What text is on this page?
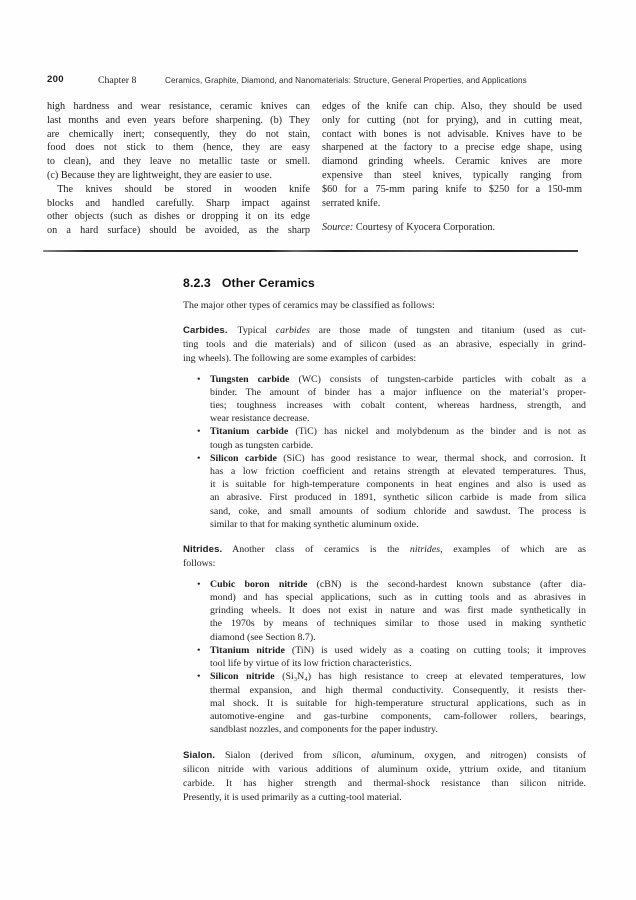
200	Chapter 8	Ceramics, Graphite, Diamond, and Nanomaterials: Structure, General Properties, and Applications
high hardness and wear resistance, ceramic knives can
last months and even years before sharpening. (b) They
are chemically inert; consequently, they do not stain,
food does not stick to them (hence, they are easy
to clean), and they leave no metallic taste or smell.
(c) Because they are lightweight, they are easier to use.
 The knives should be stored in wooden knife
blocks and handled carefully. Sharp impact against
other objects (such as dishes or dropping it on its edge
on a hard surface) should be avoided, as the sharp
edges of the knife can chip. Also, they should be used
only for cutting (not for prying), and in cutting meat,
contact with bones is not advisable. Knives have to be
sharpened at the factory to a precise edge shape, using
diamond grinding wheels. Ceramic knives are more
expensive than steel knives, typically ranging from
$60 for a 75-mm paring knife to $250 for a 150-mm
serrated knife.
Source: Courtesy of Kyocera Corporation.
8.2.3 Other Ceramics
The major other types of ceramics may be classified as follows:
Carbides. Typical carbides are those made of tungsten and titanium (used as cut-
ting tools and die materials) and of silicon (used as an abrasive, especially in grind-
ing wheels). The following are some examples of carbides:
• Tungsten carbide (WC) consists of tungsten-carbide particles with cobalt as a
binder. The amount of binder has a major influence on the material’s proper-
ties; toughness increases with cobalt content, whereas hardness, strength, and
wear resistance decrease.
• Titanium carbide (TiC) has nickel and molybdenum as the binder and is not as
tough as tungsten carbide.
• Silicon carbide (SiC) has good resistance to wear, thermal shock, and corrosion. It
has a low friction coefficient and retains strength at elevated temperatures. Thus,
it is suitable for high-temperature components in heat engines and also is used as
an abrasive. First produced in 1891, synthetic silicon carbide is made from silica
sand, coke, and small amounts of sodium chloride and sawdust. The process is
similar to that for making synthetic aluminum oxide.
Nitrides. Another class of ceramics is the nitrides, examples of which are as
follows:
• Cubic boron nitride (cBN) is the second-hardest known substance (after dia-
mond) and has special applications, such as in cutting tools and as abrasives in
grinding wheels. It does not exist in nature and was first made synthetically in
the 1970s by means of techniques similar to those used in making synthetic
diamond (see Section 8.7).
• Titanium nitride (TiN) is used widely as a coating on cutting tools; it improves
tool life by virtue of its low friction characteristics.
• Silicon nitride (Si₃N₄) has high resistance to creep at elevated temperatures, low
thermal expansion, and high thermal conductivity. Consequently, it resists ther-
mal shock. It is suitable for high-temperature structural applications, such as in
automotive-engine and gas-turbine components, cam-follower rollers, bearings,
sandblast nozzles, and components for the paper industry.
Sialon. Sialon (derived from silicon, aluminum, oxygen, and nitrogen) consists of
silicon nitride with various additions of aluminum oxide, yttrium oxide, and titanium
carbide. It has higher strength and thermal-shock resistance than silicon nitride.
Presently, it is used primarily as a cutting-tool material.
